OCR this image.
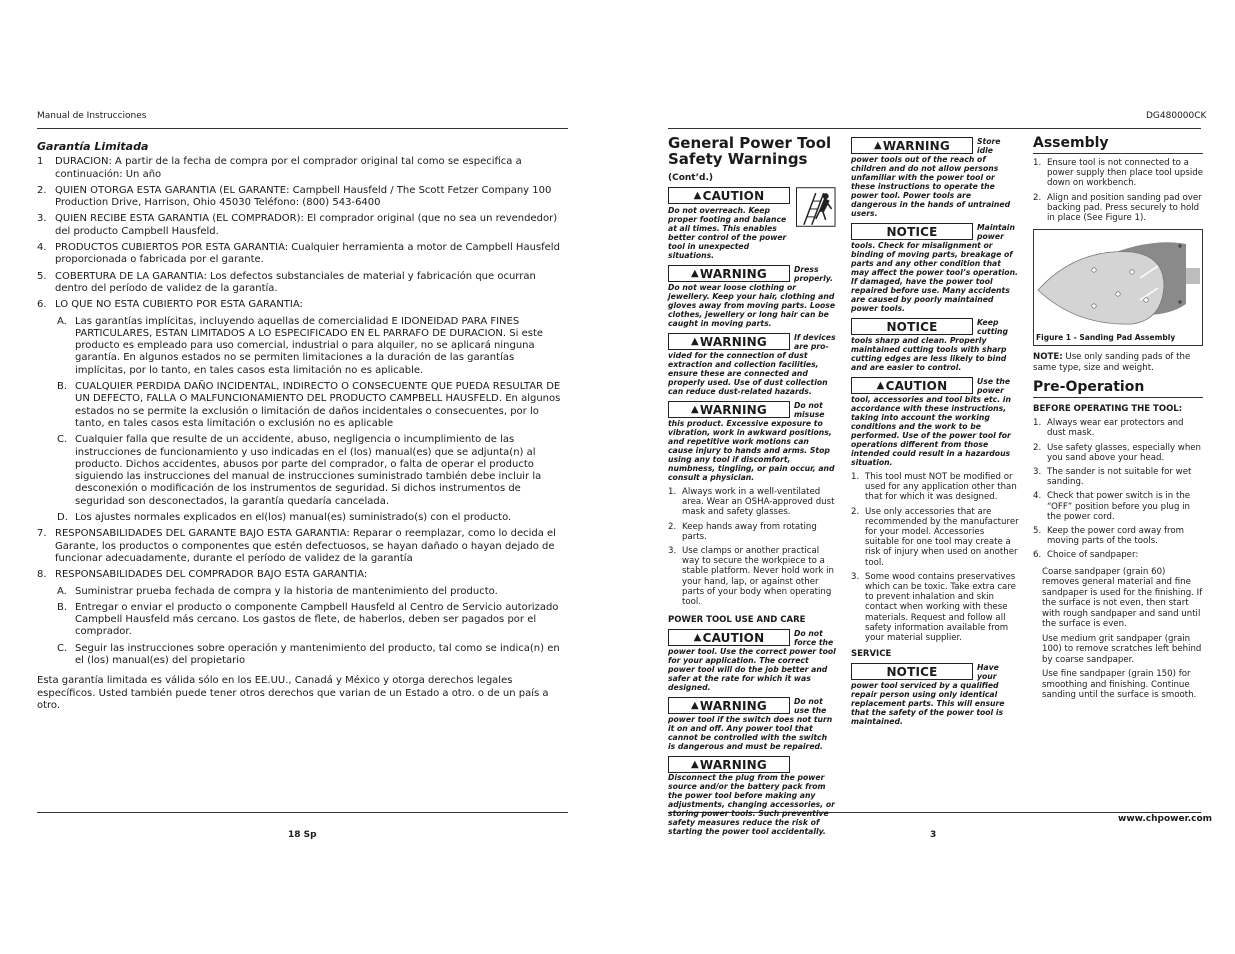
Manual de Instrucciones	DG480000CK
Garantía Limitada
1 DURACION: A partir de la fecha de compra por el comprador original tal como se especifica a continuación: Un año
2. QUIEN OTORGA ESTA GARANTIA (EL GARANTE: Campbell Hausfeld / The Scott Fetzer Company 100 Production Drive, Harrison, Ohio 45030 Teléfono: (800) 543-6400
3. QUIEN RECIBE ESTA GARANTIA (EL COMPRADOR): El comprador original (que no sea un revendedor) del producto Campbell Hausfeld.
4. PRODUCTOS CUBIERTOS POR ESTA GARANTIA: Cualquier herramienta a motor de Campbell Hausfeld proporcionada o fabricada por el garante.
5. COBERTURA DE LA GARANTIA: Los defectos substanciales de material y fabricación que ocurran dentro del período de validez de la garantía.
6. LO QUE NO ESTA CUBIERTO POR ESTA GARANTIA:
A. Las garantías implícitas, incluyendo aquellas de comercialidad E IDONEIDAD PARA FINES PARTICULARES, ESTAN LIMITADOS A LO ESPECIFICADO EN EL PARRAFO DE DURACION. Si este producto es empleado para uso comercial, industrial o para alquiler, no se aplicará ninguna garantía. En algunos estados no se permiten limitaciones a la duración de las garantías implícitas, por lo tanto, en tales casos esta limitación no es aplicable.
B. CUALQUIER PERDIDA DAÑO INCIDENTAL, INDIRECTO O CONSECUENTE QUE PUEDA RESULTAR DE UN DEFECTO, FALLA O MALFUNCIONAMIENTO DEL PRODUCTO CAMPBELL HAUSFELD. En algunos estados no se permite la exclusión o limitación de daños incidentales o consecuentes, por lo tanto, en tales casos esta limitación o exclusión no es aplicable
C. Cualquier falla que resulte de un accidente, abuso, negligencia o incumplimiento de las instrucciones de funcionamiento y uso indicadas en el (los) manual(es) que se adjunta(n) al producto. Dichos accidentes, abusos por parte del comprador, o falta de operar el producto siguiendo las instrucciones del manual de instrucciones suministrado también debe incluir la desconexión o modificación de los instrumentos de seguridad. Si dichos instrumentos de seguridad son desconectados, la garantía quedaría cancelada.
D. Los ajustes normales explicados en el(los) manual(es) suministrado(s) con el producto.
7. RESPONSABILIDADES DEL GARANTE BAJO ESTA GARANTIA: Reparar o reemplazar, como lo decida el Garante, los productos o componentes que estén defectuosos, se hayan dañado o hayan dejado de funcionar adecuadamente, durante el período de validez de la garantía
8. RESPONSABILIDADES DEL COMPRADOR BAJO ESTA GARANTIA:
A. Suministrar prueba fechada de compra y la historia de mantenimiento del producto.
B. Entregar o enviar el producto o componente Campbell Hausfeld al Centro de Servicio autorizado Campbell Hausfeld más cercano. Los gastos de flete, de haberlos, deben ser pagados por el comprador.
C. Seguir las instrucciones sobre operación y mantenimiento del producto, tal como se indica(n) en el (los) manual(es) del propietario
Esta garantía limitada es válida sólo en los EE.UU., Canadá y México y otorga derechos legales específicos. Usted también puede tener otros derechos que varian de un Estado a otro. o de un país a otro.
18 Sp	3
www.chpower.com
General Power Tool
Safety Warnings
(Cont’d.)
▲ CAUTION
Do not overreach. Keep proper footing and balance at all times. This enables better control of the power tool in unexpected situations.
▲ WARNING	Dress properly.
Do not wear loose clothing or jewellery. Keep your hair, clothing and gloves away from moving parts. Loose clothes, jewellery or long hair can be caught in moving parts.
▲ WARNING	If devices are pro-
vided for the connection of dust extraction and collection facilities, ensure these are connected and properly used. Use of dust collection can reduce dust-related hazards.
▲ WARNING	Do not misuse
this product. Excessive exposure to vibration, work in awkward positions, and repetitive work motions can cause injury to hands and arms. Stop using any tool if discomfort, numbness, tingling, or pain occur, and consult a physician.
1. Always work in a well-ventilated area. Wear an OSHA-approved dust mask and safety glasses.
2. Keep hands away from rotating parts.
3. Use clamps or another practical way to secure the workpiece to a stable platform. Never hold work in your hand, lap, or against other parts of your body when operating tool.
POWER TOOL USE AND CARE
▲ CAUTION	Do not force the
power tool. Use the correct power tool for your application. The correct power tool will do the job better and safer at the rate for which it was designed.
▲ WARNING	Do not use the
power tool if the switch does not turn it on and off. Any power tool that cannot be controlled with the switch is dangerous and must be repaired.
▲ WARNING
Disconnect the plug from the power source and/or the battery pack from the power tool before making any adjustments, changing accessories, or storing power tools. Such preventive safety measures reduce the risk of starting the power tool accidentally.
▲ WARNING	Store idle
power tools out of the reach of children and do not allow persons unfamiliar with the power tool or these instructions to operate the power tool. Power tools are dangerous in the hands of untrained users.
NOTICE	Maintain power
tools. Check for misalignment or binding of moving parts, breakage of parts and any other condition that may affect the power tool’s operation. If damaged, have the power tool repaired before use. Many accidents are caused by poorly maintained power tools.
NOTICE	Keep cutting
tools sharp and clean. Properly maintained cutting tools with sharp cutting edges are less likely to bind and are easier to control.
▲ CAUTION	Use the power
tool, accessories and tool bits etc. in accordance with these instructions, taking into account the working conditions and the work to be performed. Use of the power tool for operations different from those intended could result in a hazardous situation.
1. This tool must NOT be modified or used for any application other than that for which it was designed.
2. Use only accessories that are recommended by the manufacturer for your model. Accessories suitable for one tool may create a risk of injury when used on another tool.
3. Some wood contains preservatives which can be toxic. Take extra care to prevent inhalation and skin contact when working with these materials. Request and follow all safety information available from your material supplier.
SERVICE
NOTICE	Have your
power tool serviced by a qualified repair person using only identical replacement parts. This will ensure that the safety of the power tool is maintained.
Assembly
1. Ensure tool is not connected to a power supply then place tool upside down on workbench.
2. Align and position sanding pad over backing pad. Press securely to hold in place (See Figure 1).
Figure 1 - Sanding Pad Assembly
NOTE: Use only sanding pads of the same type, size and weight.
Pre-Operation
BEFORE OPERATING THE TOOL:
1. Always wear ear protectors and dust mask.
2. Use safety glasses, especially when you sand above your head.
3. The sander is not suitable for wet sanding.
4. Check that power switch is in the “OFF” position before you plug in the power cord.
5. Keep the power cord away from moving parts of the tools.
6. Choice of sandpaper:
Coarse sandpaper (grain 60) removes general material and fine sandpaper is used for the finishing. If the surface is not even, then start with rough sandpaper and sand until the surface is even.
Use medium grit sandpaper (grain 100) to remove scratches left behind by coarse sandpaper.
Use fine sandpaper (grain 150) for smoothing and finishing. Continue sanding until the surface is smooth.
